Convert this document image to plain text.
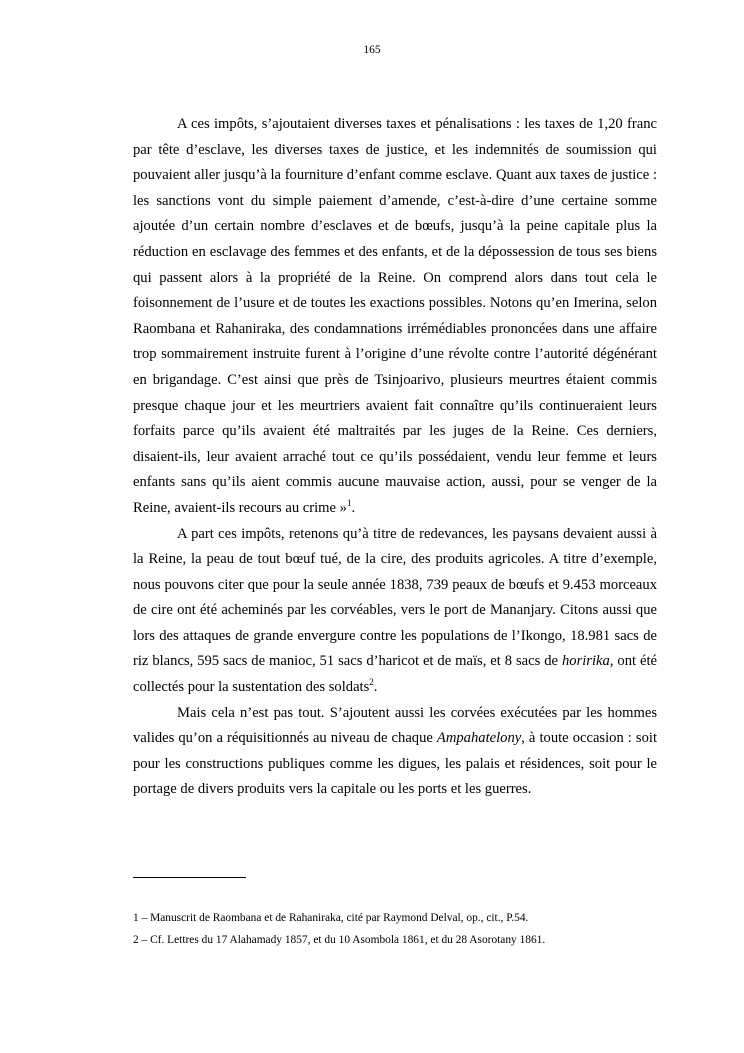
165

A ces impôts, s’ajoutaient diverses taxes et pénalisations : les taxes de 1,20 franc par tête d’esclave, les diverses taxes de justice, et les indemnités de soumission qui pouvaient aller jusqu’à la fourniture d’enfant comme esclave. Quant aux taxes de justice : les sanctions vont du simple paiement d’amende, c’est-à-dire d’une certaine somme ajoutée d’un certain nombre d’esclaves et de bœufs, jusqu’à la peine capitale plus la réduction en esclavage des femmes et des enfants, et de la dépossession de tous ses biens qui passent alors à la propriété de la Reine. On comprend alors dans tout cela le foisonnement de l’usure et de toutes les exactions possibles. Notons qu’en Imerina, selon Raombana et Rahaniraka, des condamnations irrémédiables prononcées dans une affaire trop sommairement instruite furent à l’origine d’une révolte contre l’autorité dégénérant en brigandage. C’est ainsi que près de Tsinjoarivo, plusieurs meurtres étaient commis presque chaque jour et les meurtriers avaient fait connaître qu’ils continueraient leurs forfaits parce qu’ils avaient été maltraités par les juges de la Reine. Ces derniers, disaient-ils, leur avaient arraché tout ce qu’ils possédaient, vendu leur femme et leurs enfants sans qu’ils aient commis aucune mauvaise action, aussi, pour se venger de la Reine, avaient-ils recours au crime »$^1$.

A part ces impôts, retenons qu’à titre de redevances, les paysans devaient aussi à la Reine, la peau de tout bœuf tué, de la cire, des produits agricoles. A titre d’exemple, nous pouvons citer que pour la seule année 1838, 739 peaux de bœufs et 9.453 morceaux de cire ont été acheminés par les corvéables, vers le port de Mananjary. Citons aussi que lors des attaques de grande envergure contre les populations de l’Ikongo, 18.981 sacs de riz blancs, 595 sacs de manioc, 51 sacs d’haricot et de maïs, et 8 sacs de horirika, ont été collectés pour la sustentation des soldats$^2$.

Mais cela n’est pas tout. S’ajoutent aussi les corvées exécutées par les hommes valides qu’on a réquisitionnés au niveau de chaque Ampahatelony, à toute occasion : soit pour les constructions publiques comme les digues, les palais et résidences, soit pour le portage de divers produits vers la capitale ou les ports et les guerres.

1 – Manuscrit de Raombana et de Rahaniraka, cité par Raymond Delval, op., cit., P.54.
2 – Cf. Lettres du 17 Alahamady 1857, et du 10 Asombola 1861, et du 28 Asorotany 1861.
